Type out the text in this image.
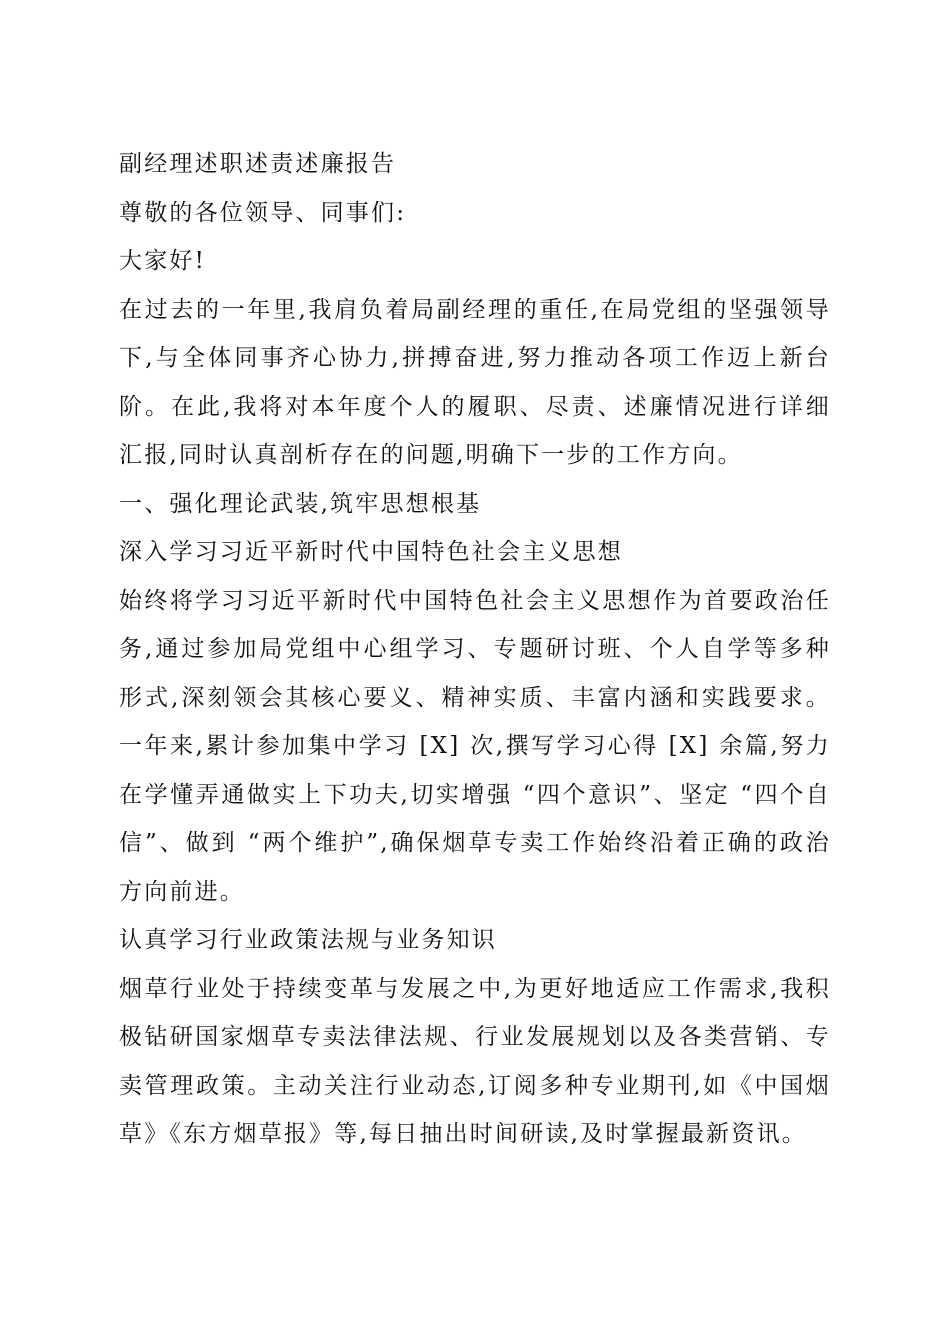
副经理述职述责述廉报告

尊敬的各位领导、同事们:

大家好!

在过去的一年里,我肩负着局副经理的重任,在局党组的坚强领导下,与全体同事齐心协力,拼搏奋进,努力推动各项工作迈上新台阶。在此,我将对本年度个人的履职、尽责、述廉情况进行详细汇报,同时认真剖析存在的问题,明确下一步的工作方向。

一、强化理论武装,筑牢思想根基

深入学习习近平新时代中国特色社会主义思想

始终将学习习近平新时代中国特色社会主义思想作为首要政治任务,通过参加局党组中心组学习、专题研讨班、个人自学等多种形式,深刻领会其核心要义、精神实质、丰富内涵和实践要求。一年来,累计参加集中学习 [X] 次,撰写学习心得 [X] 余篇,努力在学懂弄通做实上下功夫,切实增强 “四个意识”、坚定 “四个自信”、做到 “两个维护”,确保烟草专卖工作始终沿着正确的政治方向前进。

认真学习行业政策法规与业务知识

烟草行业处于持续变革与发展之中,为更好地适应工作需求,我积极钻研国家烟草专卖法律法规、行业发展规划以及各类营销、专卖管理政策。主动关注行业动态,订阅多种专业期刊,如《中国烟草》《东方烟草报》等,每日抽出时间研读,及时掌握最新资讯。
